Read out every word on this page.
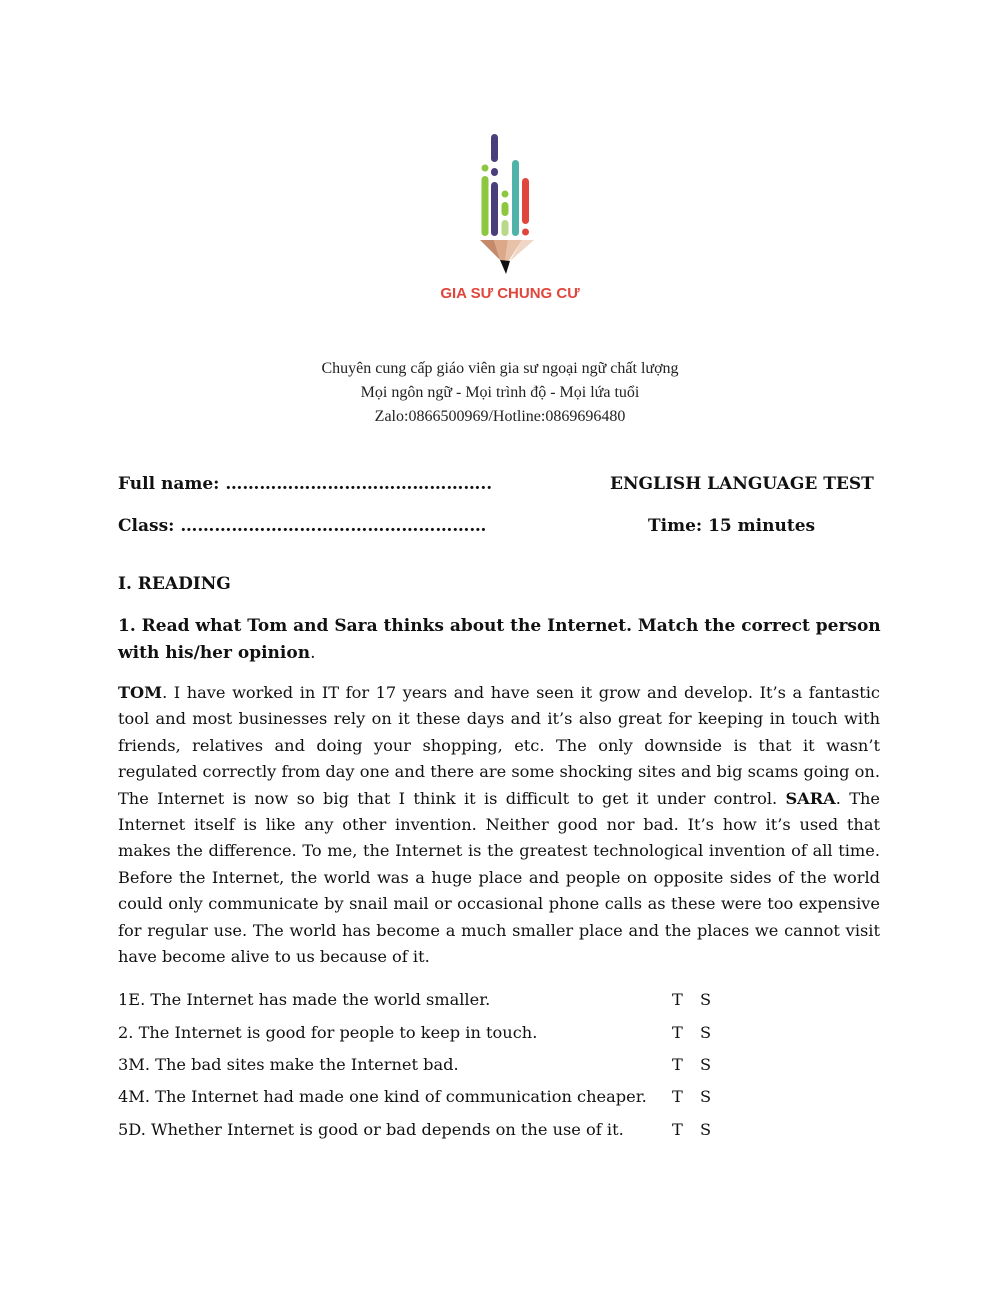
GIA SƯ CHUNG CƯ
Chuyên cung cấp giáo viên gia sư ngoại ngữ chất lượng
Mọi ngôn ngữ - Mọi trình độ - Mọi lứa tuổi
Zalo:0866500969/Hotline:0869696480
Full name: ………………………………………..	ENGLISH LANGUAGE TEST
Class: ………………………………………………	Time: 15 minutes
I. READING
1. Read what Tom and Sara thinks about the Internet. Match the correct person with his/her opinion.
TOM. I have worked in IT for 17 years and have seen it grow and develop. It’s a fantastic tool and most businesses rely on it these days and it’s also great for keeping in touch with friends, relatives and doing your shopping, etc. The only downside is that it wasn’t regulated correctly from day one and there are some shocking sites and big scams going on. The Internet is now so big that I think it is difficult to get it under control. SARA. The Internet itself is like any other invention. Neither good nor bad. It’s how it’s used that makes the difference. To me, the Internet is the greatest technological invention of all time. Before the Internet, the world was a huge place and people on opposite sides of the world could only communicate by snail mail or occasional phone calls as these were too expensive for regular use. The world has become a much smaller place and the places we cannot visit have become alive to us because of it.
1E. The Internet has made the world smaller.	T S
2. The Internet is good for people to keep in touch.	T S
3M. The bad sites make the Internet bad.	T S
4M. The Internet had made one kind of communication cheaper. T S
5D. Whether Internet is good or bad depends on the use of it.	T S
